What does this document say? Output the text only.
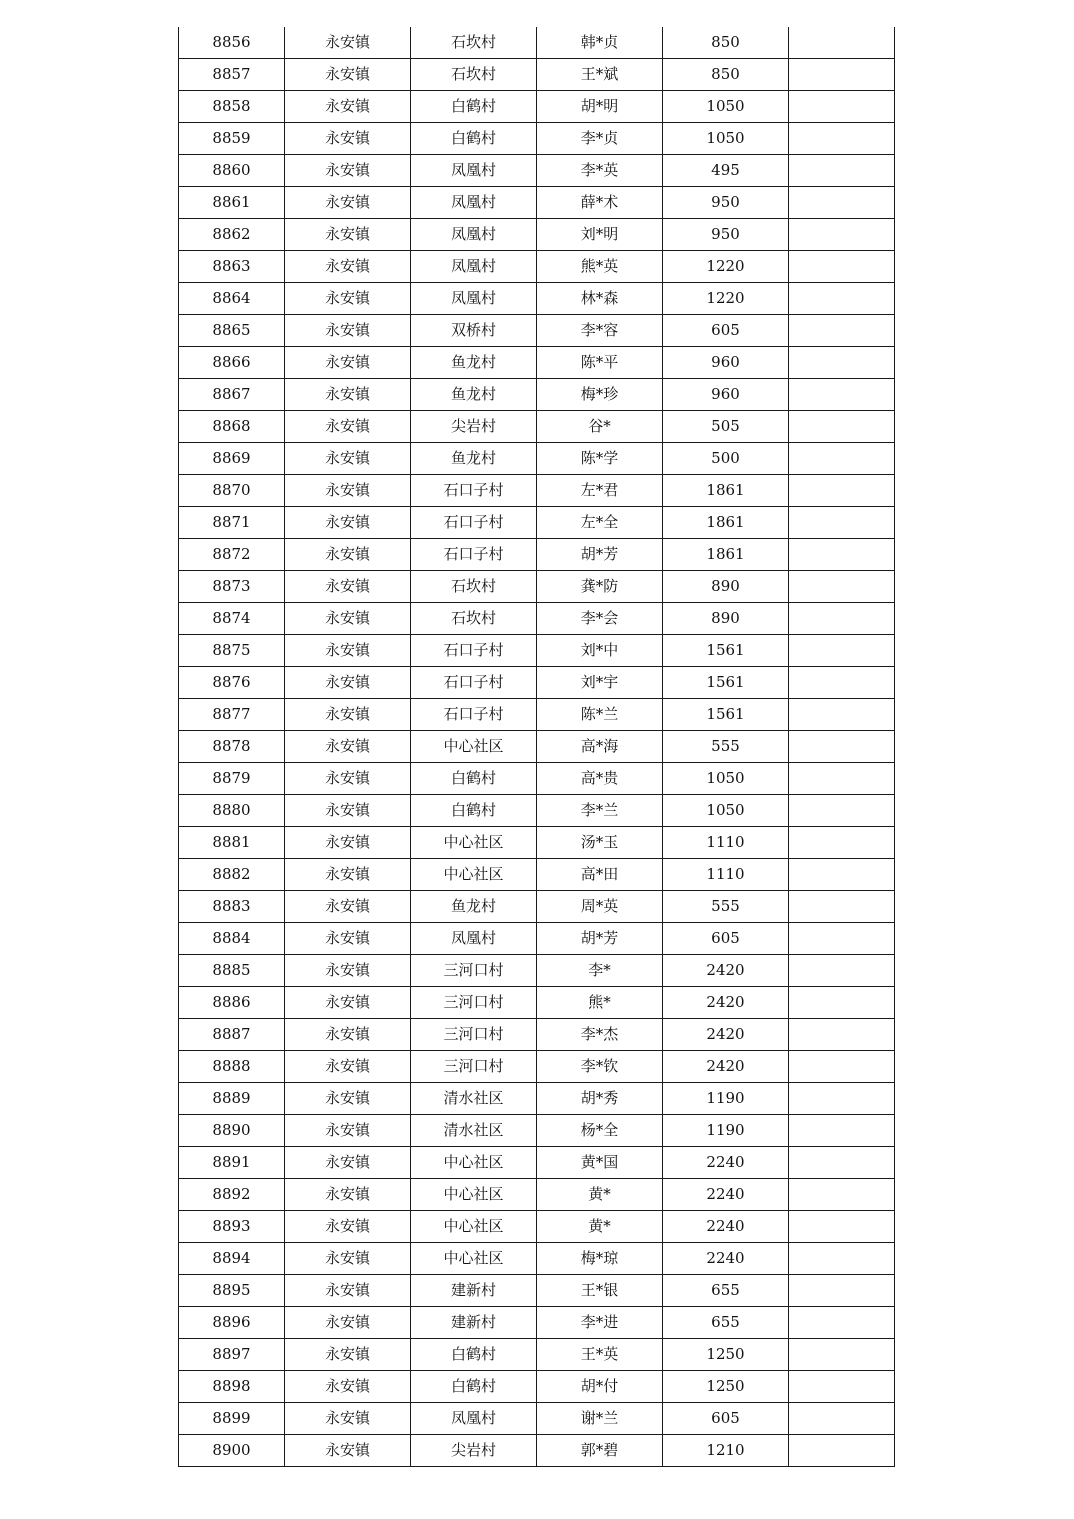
8856	永安镇	石坎村	韩*贞	850	
8857	永安镇	石坎村	王*斌	850	
8858	永安镇	白鹤村	胡*明	1050	
8859	永安镇	白鹤村	李*贞	1050	
8860	永安镇	凤凰村	李*英	495	
8861	永安镇	凤凰村	薛*术	950	
8862	永安镇	凤凰村	刘*明	950	
8863	永安镇	凤凰村	熊*英	1220	
8864	永安镇	凤凰村	林*森	1220	
8865	永安镇	双桥村	李*容	605	
8866	永安镇	鱼龙村	陈*平	960	
8867	永安镇	鱼龙村	梅*珍	960	
8868	永安镇	尖岩村	谷*	505	
8869	永安镇	鱼龙村	陈*学	500	
8870	永安镇	石口子村	左*君	1861	
8871	永安镇	石口子村	左*全	1861	
8872	永安镇	石口子村	胡*芳	1861	
8873	永安镇	石坎村	龚*防	890	
8874	永安镇	石坎村	李*会	890	
8875	永安镇	石口子村	刘*中	1561	
8876	永安镇	石口子村	刘*宇	1561	
8877	永安镇	石口子村	陈*兰	1561	
8878	永安镇	中心社区	高*海	555	
8879	永安镇	白鹤村	高*贵	1050	
8880	永安镇	白鹤村	李*兰	1050	
8881	永安镇	中心社区	汤*玉	1110	
8882	永安镇	中心社区	高*田	1110	
8883	永安镇	鱼龙村	周*英	555	
8884	永安镇	凤凰村	胡*芳	605	
8885	永安镇	三河口村	李*	2420	
8886	永安镇	三河口村	熊*	2420	
8887	永安镇	三河口村	李*杰	2420	
8888	永安镇	三河口村	李*钦	2420	
8889	永安镇	清水社区	胡*秀	1190	
8890	永安镇	清水社区	杨*全	1190	
8891	永安镇	中心社区	黄*国	2240	
8892	永安镇	中心社区	黄*	2240	
8893	永安镇	中心社区	黄*	2240	
8894	永安镇	中心社区	梅*琼	2240	
8895	永安镇	建新村	王*银	655	
8896	永安镇	建新村	李*进	655	
8897	永安镇	白鹤村	王*英	1250	
8898	永安镇	白鹤村	胡*付	1250	
8899	永安镇	凤凰村	谢*兰	605	
8900	永安镇	尖岩村	郭*碧	1210	
